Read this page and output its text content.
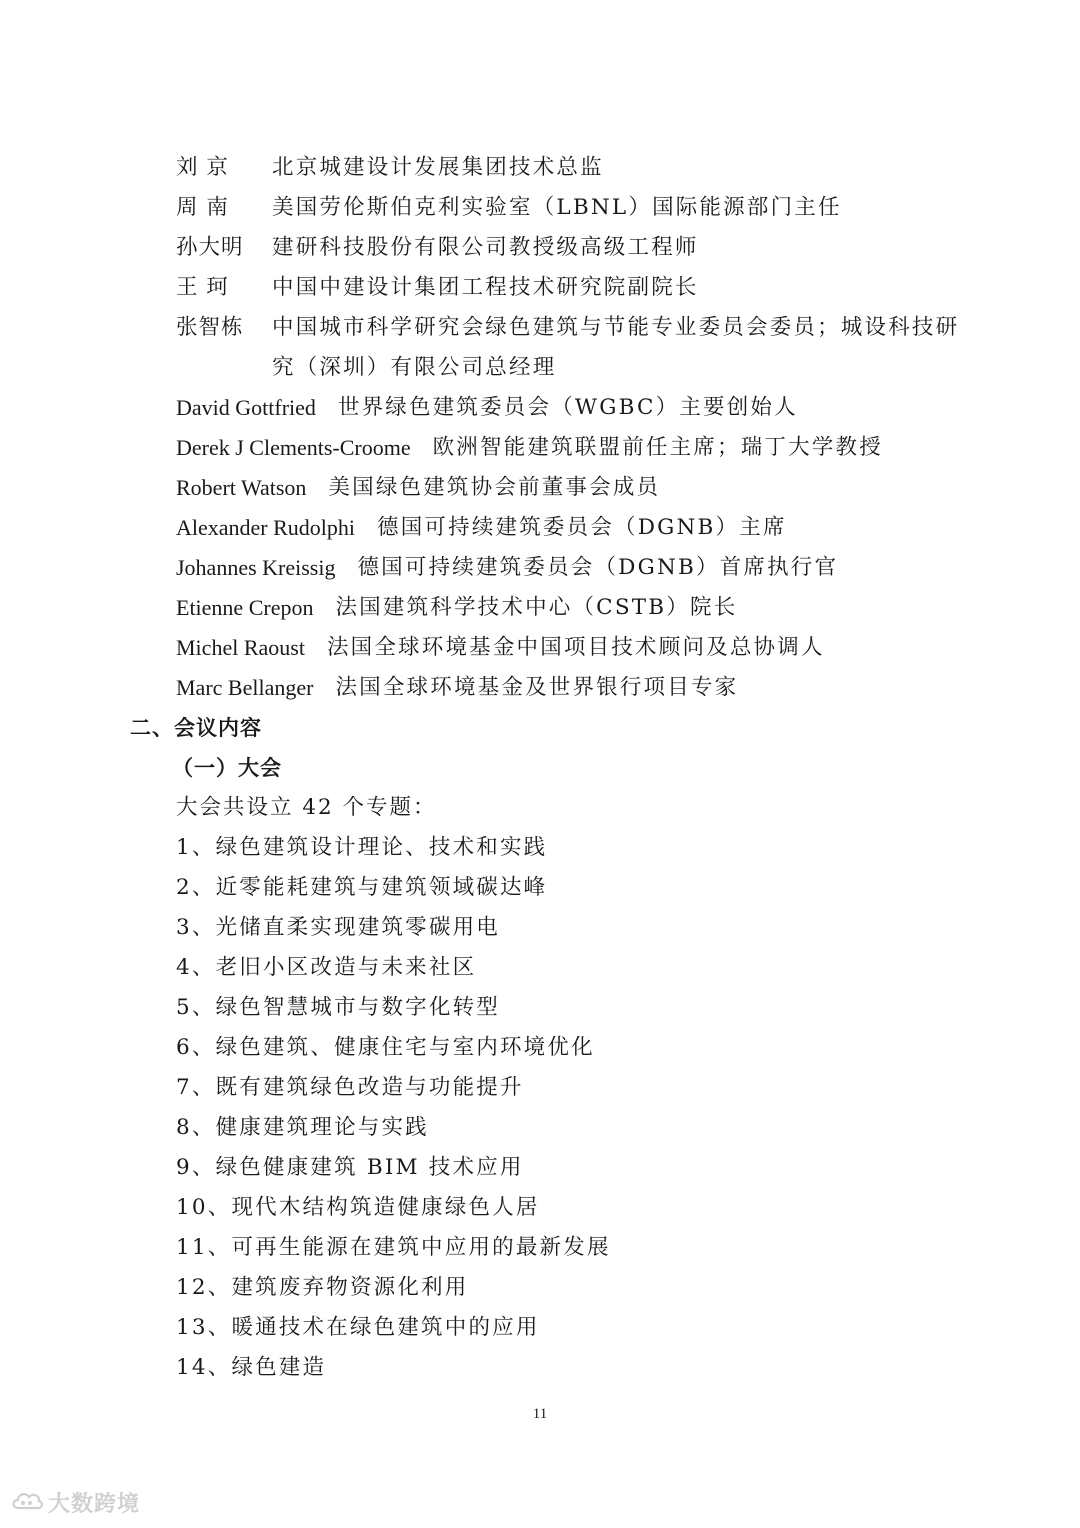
刘 京	北京城建设计发展集团技术总监
周 南	美国劳伦斯伯克利实验室（LBNL）国际能源部门主任
孙大明	建研科技股份有限公司教授级高级工程师
王 珂	中国中建设计集团工程技术研究院副院长
张智栋	中国城市科学研究会绿色建筑与节能专业委员会委员；城设科技研究（深圳）有限公司总经理
David Gottfried 世界绿色建筑委员会（WGBC）主要创始人
Derek J Clements-Croome 欧洲智能建筑联盟前任主席；瑞丁大学教授
Robert Watson 美国绿色建筑协会前董事会成员
Alexander Rudolphi 德国可持续建筑委员会（DGNB）主席
Johannes Kreissig 德国可持续建筑委员会（DGNB）首席执行官
Etienne Crepon 法国建筑科学技术中心（CSTB）院长
Michel Raoust 法国全球环境基金中国项目技术顾问及总协调人
Marc Bellanger 法国全球环境基金及世界银行项目专家
二、会议内容
（一）大会

大会共设立 42 个专题：

1、绿色建筑设计理论、技术和实践
2、近零能耗建筑与建筑领域碳达峰
3、光储直柔实现建筑零碳用电
4、老旧小区改造与未来社区
5、绿色智慧城市与数字化转型
6、绿色建筑、健康住宅与室内环境优化
7、既有建筑绿色改造与功能提升
8、健康建筑理论与实践
9、绿色健康建筑 BIM 技术应用
10、现代木结构筑造健康绿色人居
11、可再生能源在建筑中应用的最新发展
12、建筑废弃物资源化利用
13、暖通技术在绿色建筑中的应用
14、绿色建造
11
大数跨境
